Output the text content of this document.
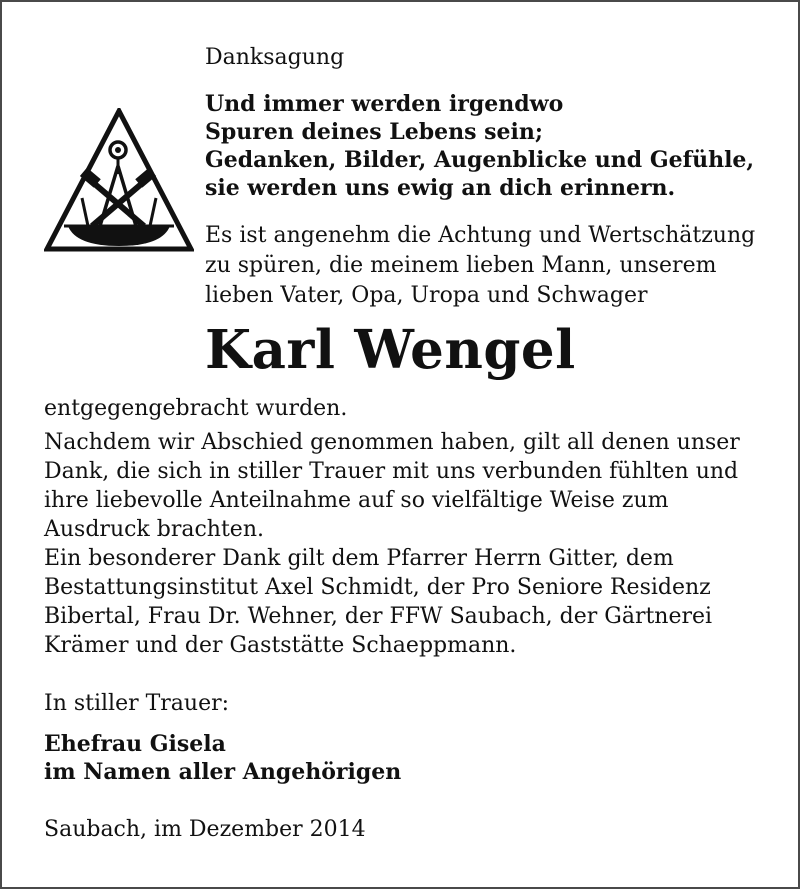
Danksagung
Und immer werden irgendwo
Spuren deines Lebens sein;
Gedanken, Bilder, Augenblicke und Gefühle,
sie werden uns ewig an dich erinnern.
Es ist angenehm die Achtung und Wertschätzung
zu spüren, die meinem lieben Mann, unserem
lieben Vater, Opa, Uropa und Schwager
Karl Wengel
entgegengebracht wurden.
Nachdem wir Abschied genommen haben, gilt all denen unser
Dank, die sich in stiller Trauer mit uns verbunden fühlten und
ihre liebevolle Anteilnahme auf so vielfältige Weise zum
Ausdruck brachten.
Ein besonderer Dank gilt dem Pfarrer Herrn Gitter, dem
Bestattungsinstitut Axel Schmidt, der Pro Seniore Residenz
Bibertal, Frau Dr. Wehner, der FFW Saubach, der Gärtnerei
Krämer und der Gaststätte Schaeppmann.
In stiller Trauer:
Ehefrau Gisela
im Namen aller Angehörigen
Saubach, im Dezember 2014
